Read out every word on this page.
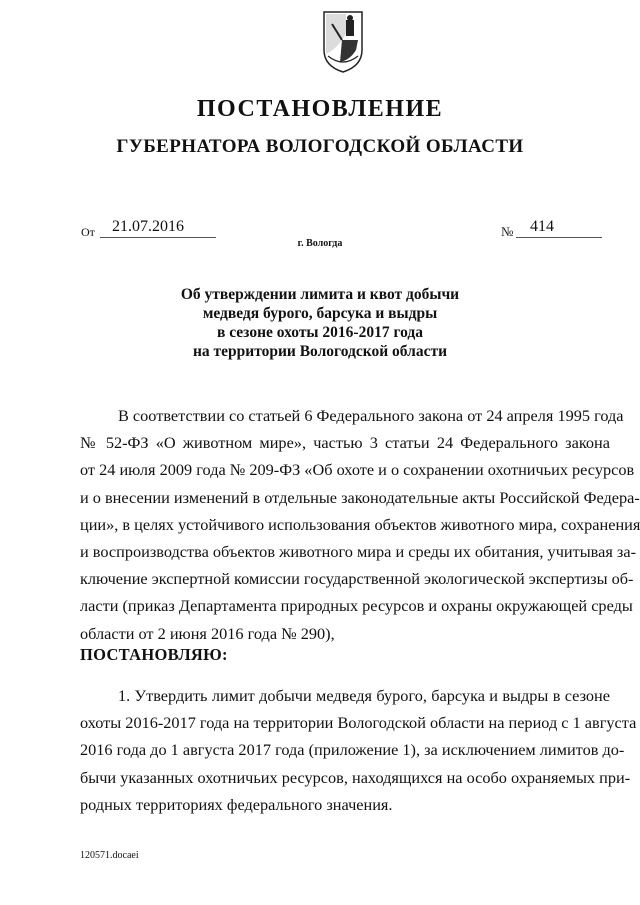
ПОСТАНОВЛЕНИЕ
ГУБЕРНАТОРА ВОЛОГОДСКОЙ ОБЛАСТИ
От	21.07.2016	№	414
г. Вологда
Об утверждении лимита и квот добычи
медведя бурого, барсука и выдры
в сезоне охоты 2016-2017 года
на территории Вологодской области
В соответствии со статьей 6 Федерального закона от 24 апреля 1995 года
№ 52-ФЗ «О животном мире», частью 3 статьи 24 Федерального закона
от 24 июля 2009 года № 209-ФЗ «Об охоте и о сохранении охотничьих ресурсов
и о внесении изменений в отдельные законодательные акты Российской Федера-
ции», в целях устойчивого использования объектов животного мира, сохранения
и воспроизводства объектов животного мира и среды их обитания, учитывая за-
ключение экспертной комиссии государственной экологической экспертизы об-
ласти (приказ Департамента природных ресурсов и охраны окружающей среды
области от 2 июня 2016 года № 290),
ПОСТАНОВЛЯЮ:
1. Утвердить лимит добычи медведя бурого, барсука и выдры в сезоне
охоты 2016-2017 года на территории Вологодской области на период с 1 августа
2016 года до 1 августа 2017 года (приложение 1), за исключением лимитов до-
бычи указанных охотничьих ресурсов, находящихся на особо охраняемых при-
родных территориях федерального значения.
120571.docaei
